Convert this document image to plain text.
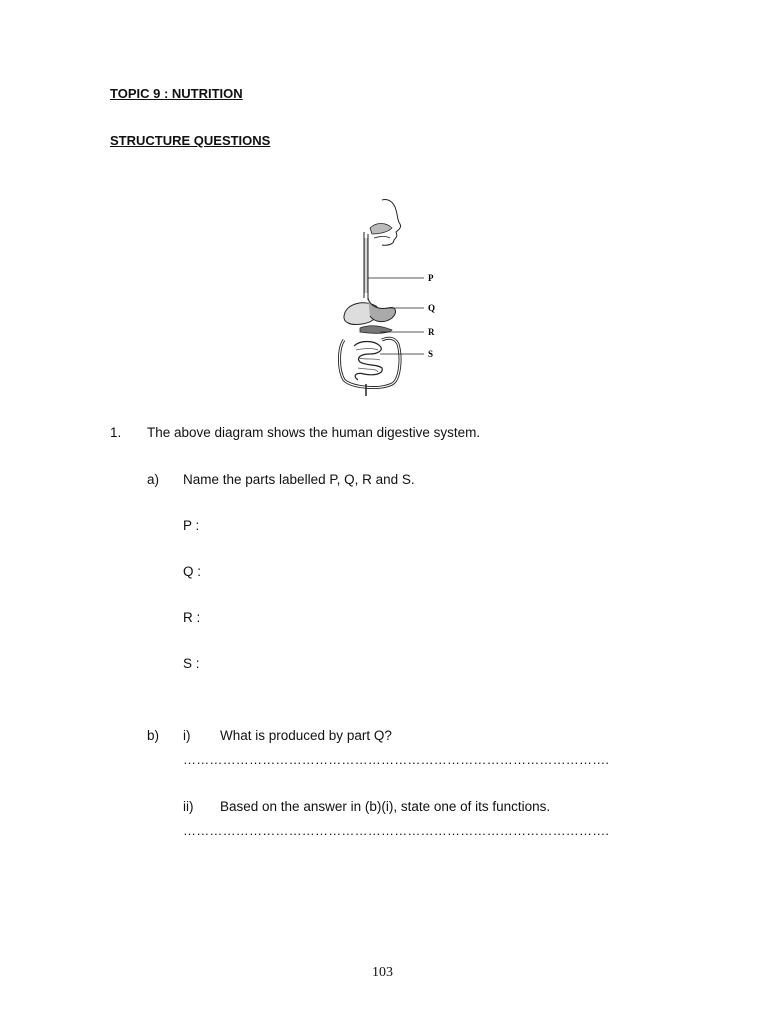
TOPIC 9 : NUTRITION
STRUCTURE QUESTIONS
P
Q
R
S
1. The above diagram shows the human digestive system.
a) Name the parts labelled P, Q, R and S.
P :
Q :
R :
S :
b) i) What is produced by part Q?
…………………………………………………………………………………….
ii) Based on the answer in (b)(i), state one of its functions.
…………………………………………………………………………………….
103
